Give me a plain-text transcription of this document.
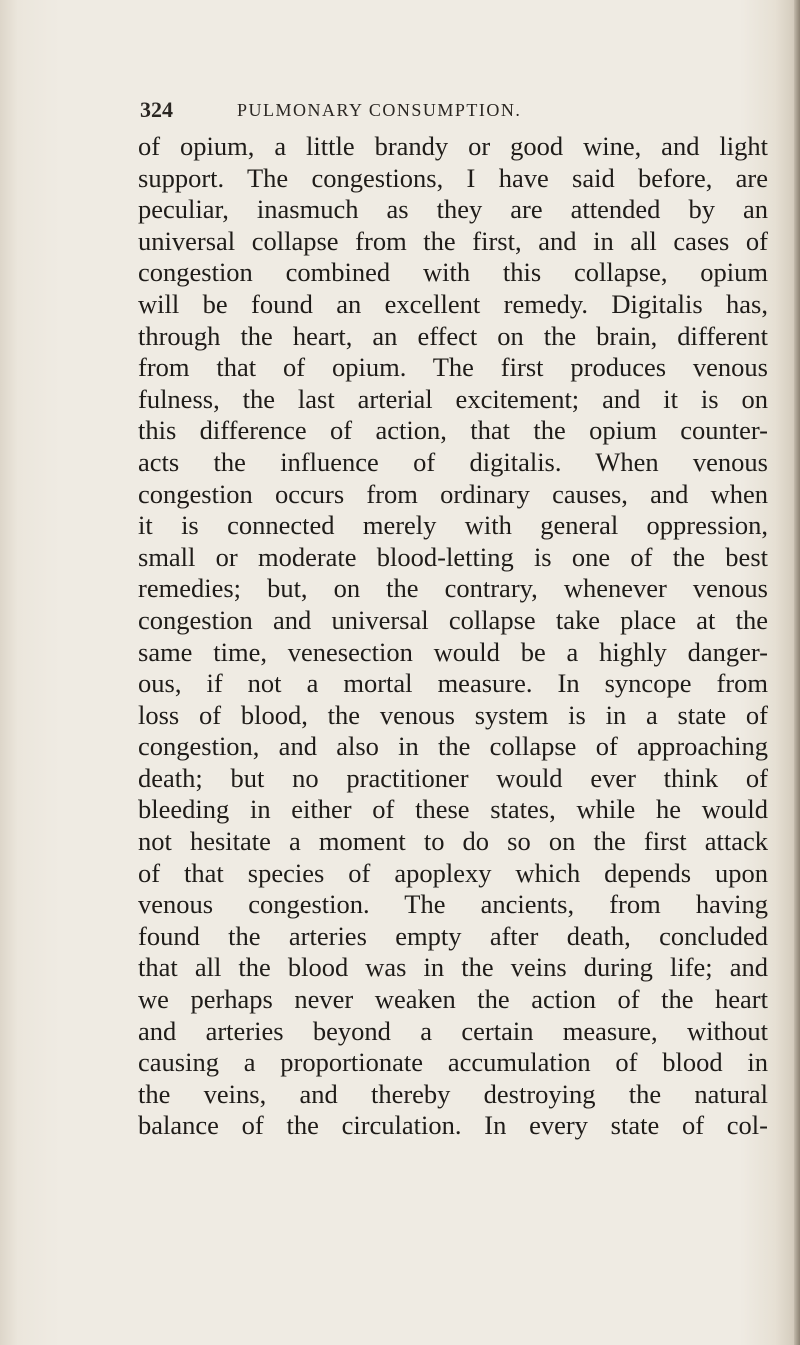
324	PULMONARY CONSUMPTION.
of opium, a little brandy or good wine, and light
support. The congestions, I have said before, are
peculiar, inasmuch as they are attended by an
universal collapse from the first, and in all cases of
congestion combined with this collapse, opium
will be found an excellent remedy. Digitalis has,
through the heart, an effect on the brain, different
from that of opium. The first produces venous
fulness, the last arterial excitement; and it is on
this difference of action, that the opium counter-
acts the influence of digitalis. When venous
congestion occurs from ordinary causes, and when
it is connected merely with general oppression,
small or moderate blood-letting is one of the best
remedies; but, on the contrary, whenever venous
congestion and universal collapse take place at the
same time, venesection would be a highly danger-
ous, if not a mortal measure. In syncope from
loss of blood, the venous system is in a state of
congestion, and also in the collapse of approaching
death; but no practitioner would ever think of
bleeding in either of these states, while he would
not hesitate a moment to do so on the first attack
of that species of apoplexy which depends upon
venous congestion. The ancients, from having
found the arteries empty after death, concluded
that all the blood was in the veins during life; and
we perhaps never weaken the action of the heart
and arteries beyond a certain measure, without
causing a proportionate accumulation of blood in
the veins, and thereby destroying the natural
balance of the circulation. In every state of col-
